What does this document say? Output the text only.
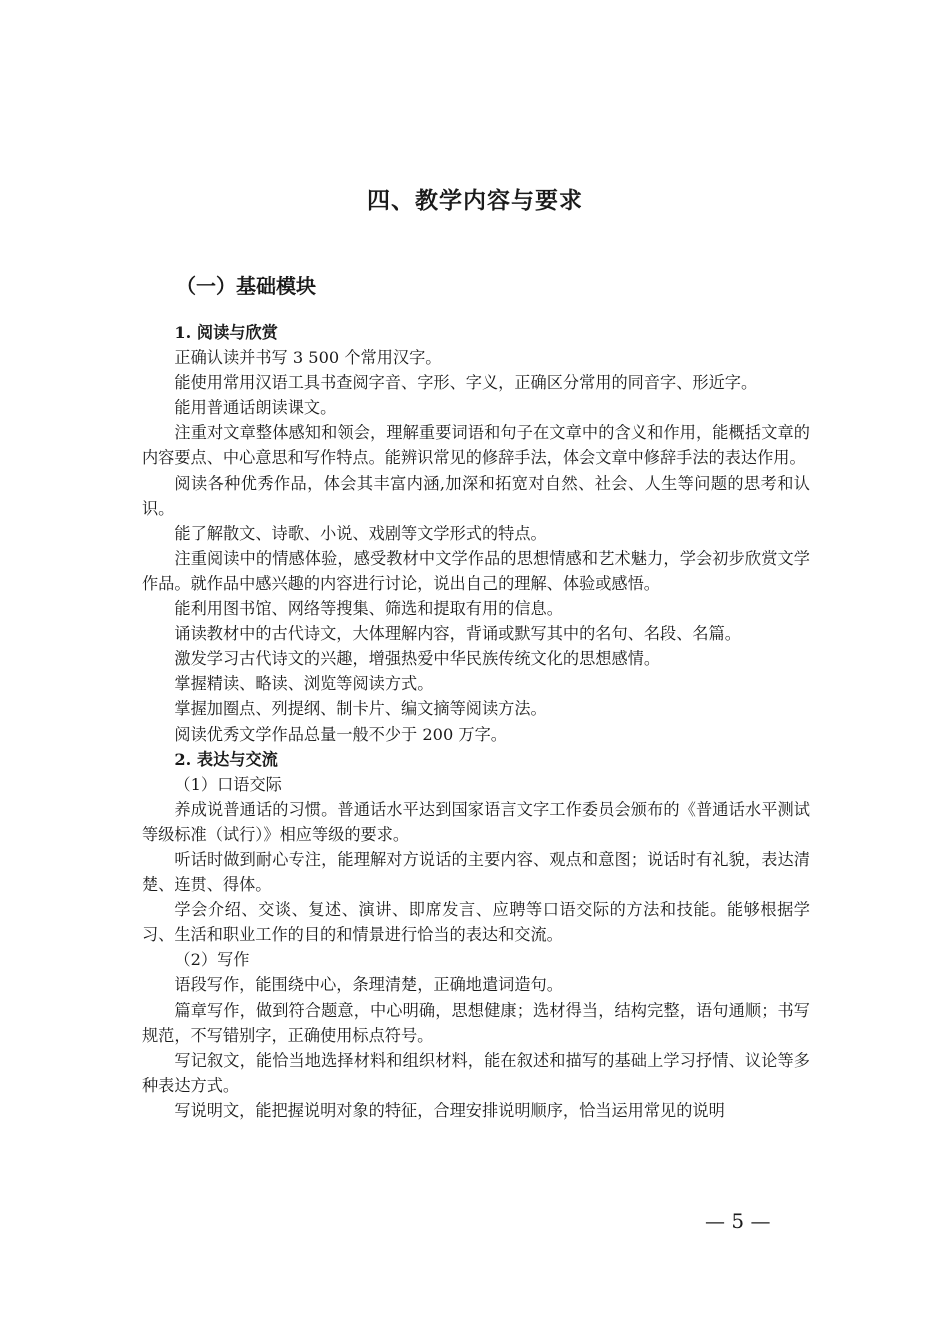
四、教学内容与要求
（一）基础模块

1. 阅读与欣赏

正确认读并书写 3 500 个常用汉字。

能使用常用汉语工具书查阅字音、字形、字义，正确区分常用的同音字、形近字。

能用普通话朗读课文。

注重对文章整体感知和领会，理解重要词语和句子在文章中的含义和作用，能概括文章的内容要点、中心意思和写作特点。能辨识常见的修辞手法，体会文章中修辞手法的表达作用。

阅读各种优秀作品，体会其丰富内涵,加深和拓宽对自然、社会、人生等问题的思考和认识。

能了解散文、诗歌、小说、戏剧等文学形式的特点。

注重阅读中的情感体验，感受教材中文学作品的思想情感和艺术魅力，学会初步欣赏文学作品。就作品中感兴趣的内容进行讨论，说出自己的理解、体验或感悟。

能利用图书馆、网络等搜集、筛选和提取有用的信息。

诵读教材中的古代诗文，大体理解内容，背诵或默写其中的名句、名段、名篇。

激发学习古代诗文的兴趣，增强热爱中华民族传统文化的思想感情。

掌握精读、略读、浏览等阅读方式。

掌握加圈点、列提纲、制卡片、编文摘等阅读方法。

阅读优秀文学作品总量一般不少于 200 万字。

2. 表达与交流

（1）口语交际

养成说普通话的习惯。普通话水平达到国家语言文字工作委员会颁布的《普通话水平测试等级标准（试行）》相应等级的要求。

听话时做到耐心专注，能理解对方说话的主要内容、观点和意图；说话时有礼貌，表达清楚、连贯、得体。

学会介绍、交谈、复述、演讲、即席发言、应聘等口语交际的方法和技能。能够根据学习、生活和职业工作的目的和情景进行恰当的表达和交流。

（2）写作

语段写作，能围绕中心，条理清楚，正确地遣词造句。

篇章写作，做到符合题意，中心明确，思想健康；选材得当，结构完整，语句通顺；书写规范，不写错别字，正确使用标点符号。

写记叙文，能恰当地选择材料和组织材料，能在叙述和描写的基础上学习抒情、议论等多种表达方式。

写说明文，能把握说明对象的特征，合理安排说明顺序，恰当运用常见的说明

— 5 —
